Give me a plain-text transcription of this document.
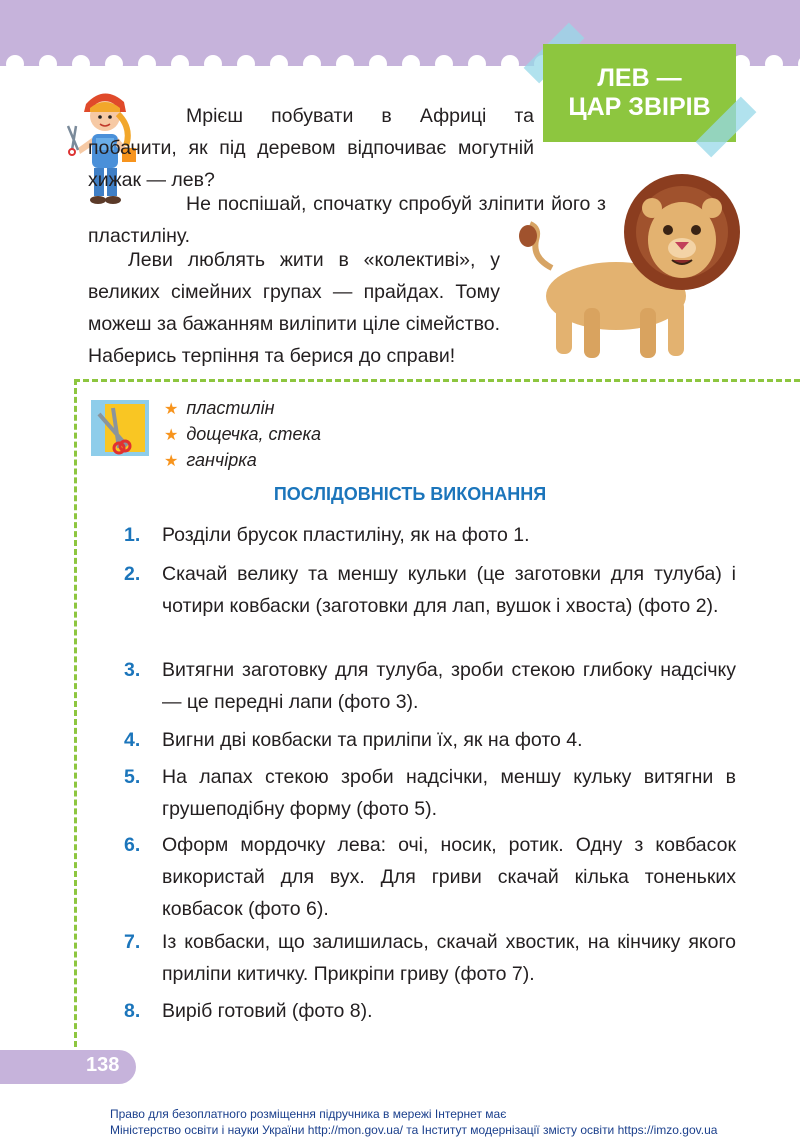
ЛЕВ —
ЦАР ЗВІРІВ

Мрієш побувати в Африці та побачити, як під деревом відпочиває могутній хижак — лев?

Не поспішай, спочатку спробуй зліпити його з пластиліну.

Леви люблять жити в «колективі», у великих сімейних групах — прайдах. Тому можеш за бажанням виліпити ціле сімейство. Наберись терпіння та берися до справи!

★ пластилін
★ дощечка, стека
★ ганчірка
ПОСЛІДОВНІСТЬ ВИКОНАННЯ
1. Розділи брусок пластиліну, як на фото 1.
2. Скачай велику та меншу кульки (це заготовки для тулуба) і чотири ковбаски (заготовки для лап, вушок і хвоста) (фото 2).
3. Витягни заготовку для тулуба, зроби стекою глибоку надсічку — це передні лапи (фото 3).
4. Вигни дві ковбаски та приліпи їх, як на фото 4.
5. На лапах стекою зроби надсічки, меншу кульку витягни в грушеподібну форму (фото 5).
6. Оформ мордочку лева: очі, носик, ротик. Одну з ковбасок використай для вух. Для гриви скачай кілька тоненьких ковбасок (фото 6).
7. Із ковбаски, що залишилась, скачай хвостик, на кінчику якого приліпи китичку. Прикріпи гриву (фото 7).
8. Виріб готовий (фото 8).
138
Право для безоплатного розміщення підручника в мережі Інтернет має
Міністерство освіти і науки України http://mon.gov.ua/ та Інститут модернізації змісту освіти https://imzo.gov.ua
